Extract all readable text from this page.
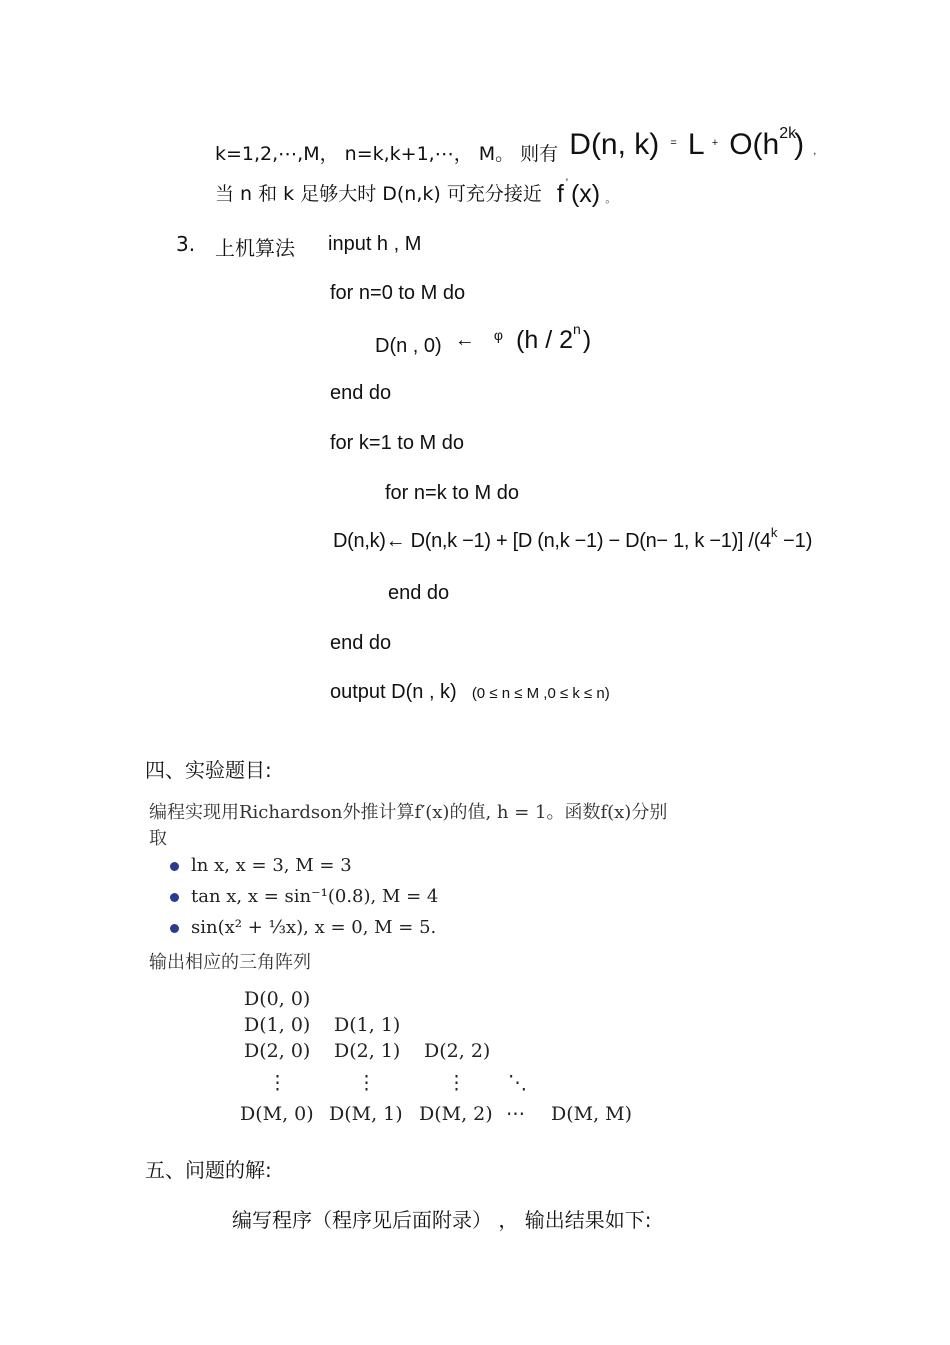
k=1,2,⋯,M， n=k,k+1,⋯， M。 则有 D(n, k) = L + O(h2k) ,
当 n 和 k 足够大时 D(n,k) 可充分接近 f ' (x) 。
3. 上机算法 input h , M
for n=0 to M do
D(n , 0) ← φ (h / 2n)
end do
for k=1 to M do
for n=k to M do
D(n,k)← D(n,k −1) + [D (n,k −1) − D(n− 1, k −1)] $/(4^k -1)$
end do
end do
output D(n , k) (0 ≤ n ≤ M ,0 ≤ k ≤ n)
四、实验题目:
编程实现用Richardson外推计算f′(x)的值, h = 1。函数f(x)分别
取
ln x, x = 3, M = 3
tan x, x = sin⁻¹(0.8), M = 4
sin(x² + ⅓x), x = 0, M = 5.
输出相应的三角阵列
D(0, 0)
D(1, 0) D(1, 1)
D(2, 0) D(2, 1) D(2, 2)
⋮	⋮	⋮ ⋱
D(M, 0) D(M, 1) D(M, 2) ⋯ D(M, M)
五、问题的解:
编写程序（程序见后面附录） ， 输出结果如下:
